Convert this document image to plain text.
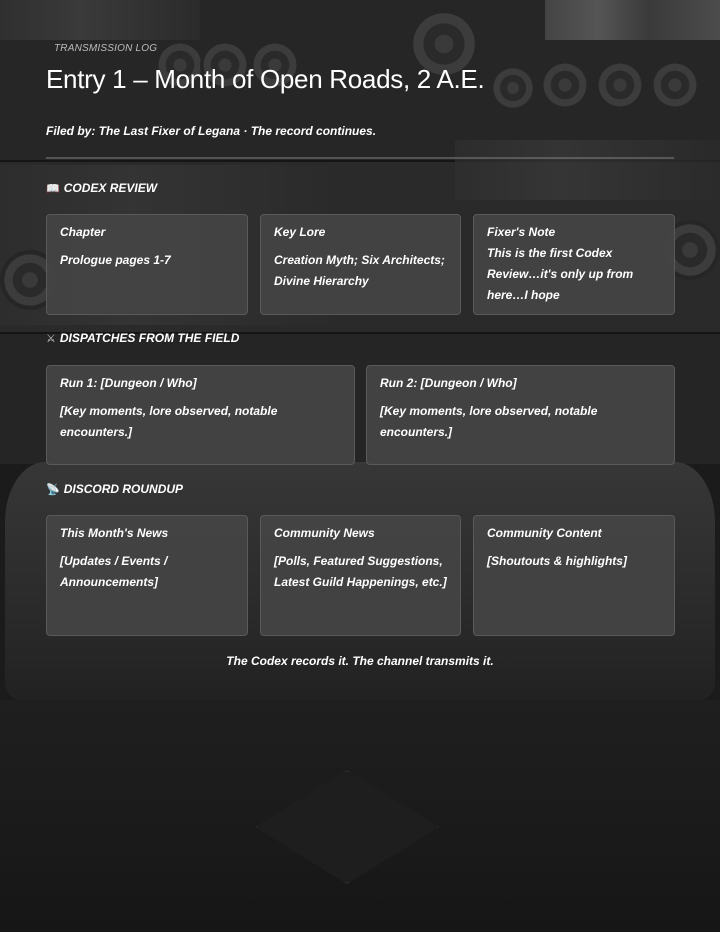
TRANSMISSION LOG
Entry 1 – Month of Open Roads, 2 A.E.
Filed by: The Last Fixer of Legana · The record continues.
📖 CODEX REVIEW
Chapter
Prologue pages 1-7
Key Lore
Creation Myth; Six Architects; Divine Hierarchy
Fixer's Note
This is the first Codex Review…it's only up from here…I hope
⚔ DISPATCHES FROM THE FIELD
Run 1: [Dungeon / Who]
[Key moments, lore observed, notable encounters.]
Run 2: [Dungeon / Who]
[Key moments, lore observed, notable encounters.]
📡 DISCORD ROUNDUP
This Month's News
[Updates / Events / Announcements]
Community News
[Polls, Featured Suggestions, Latest Guild Happenings, etc.]
Community Content
[Shoutouts & highlights]
The Codex records it. The channel transmits it.
